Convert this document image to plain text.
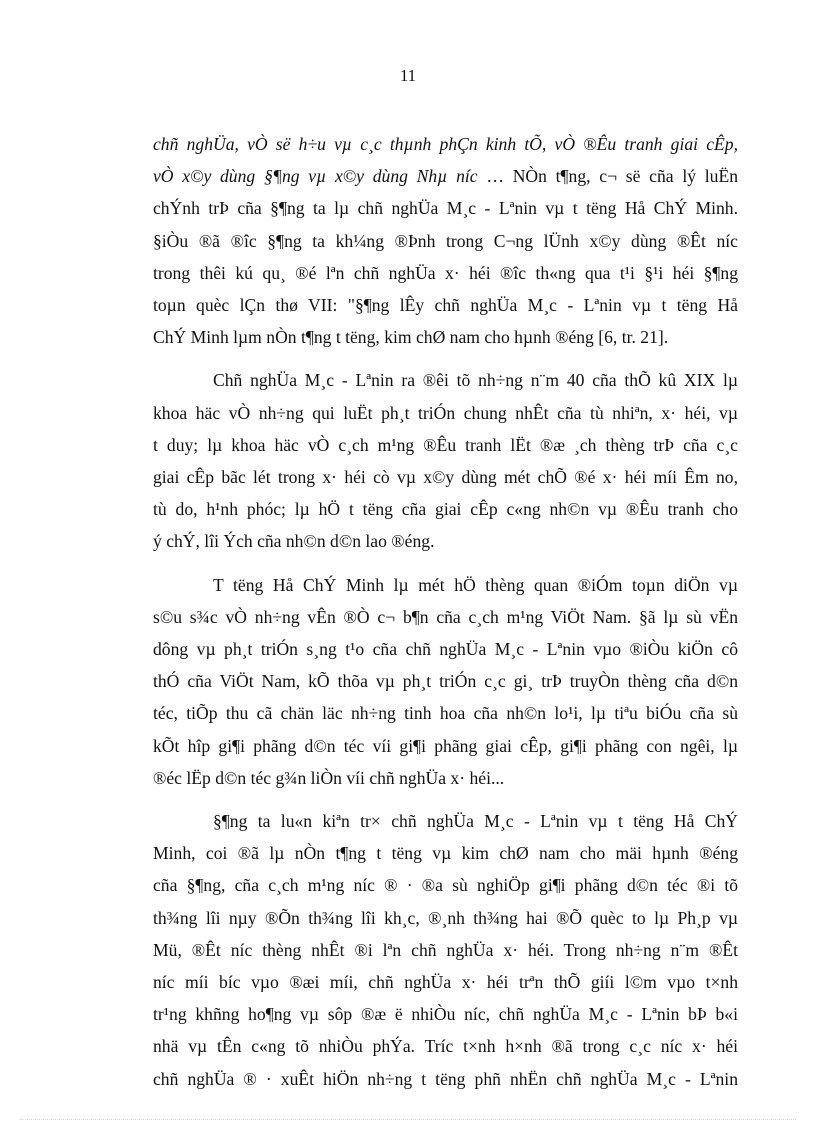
11
chñ nghÜa, vÒ së h÷u vµ c¸c thµnh phÇn kinh tÕ, vÒ ®Êu tranh giai cÊp,
vÒ x©y dùng §¶ng vµ x©y dùng Nhµ níc … NÒn t¶ng, c¬ së cña lý luËn
chÝnh trÞ cña §¶ng ta lµ chñ nghÜa M¸c - Lªnin vµ t tëng Hå ChÝ Minh.
§iÒu ®ã ®îc §¶ng ta kh¼ng ®Þnh trong C¬ng lÜnh x©y dùng ®Êt níc
trong thêi kú qu¸ ®é lªn chñ nghÜa x· héi ®îc th«ng qua t¹i §¹i héi §¶ng
toµn quèc lÇn thø VII: "§¶ng lÊy chñ nghÜa M¸c - Lªnin vµ t tëng Hå
ChÝ Minh lµm nÒn t¶ng t tëng, kim chØ nam cho hµnh ®éng [6, tr. 21].
Chñ nghÜa M¸c - Lªnin ra ®êi tõ nh÷ng n¨m 40 cña thÕ kû XIX lµ
khoa häc vÒ nh÷ng qui luËt ph¸t triÓn chung nhÊt cña tù nhiªn, x· héi, vµ
t duy; lµ khoa häc vÒ c¸ch m¹ng ®Êu tranh lËt ®æ ¸ch thèng trÞ cña c¸c
giai cÊp bãc lét trong x· héi cò vµ x©y dùng mét chÕ ®é x· héi míi Êm no,
tù do, h¹nh phóc; lµ hÖ t tëng cña giai cÊp c«ng nh©n vµ ®Êu tranh cho
ý chÝ, lîi Ých cña nh©n d©n lao ®éng.
T tëng Hå ChÝ Minh lµ mét hÖ thèng quan ®iÓm toµn diÖn vµ
s©u s¾c vÒ nh÷ng vÊn ®Ò c¬ b¶n cña c¸ch m¹ng ViÖt Nam. §ã lµ sù vËn
dông vµ ph¸t triÓn s¸ng t¹o cña chñ nghÜa M¸c - Lªnin vµo ®iÒu kiÖn cô
thÓ cña ViÖt Nam, kÕ thõa vµ ph¸t triÓn c¸c gi¸ trÞ truyÒn thèng cña d©n
téc, tiÕp thu cã chän läc nh÷ng tinh hoa cña nh©n lo¹i, lµ tiªu biÓu cña sù
kÕt hîp gi¶i phãng d©n téc víi gi¶i phãng giai cÊp, gi¶i phãng con ngêi, lµ
®éc lËp d©n téc g¾n liÒn víi chñ nghÜa x· héi...
§¶ng ta lu«n kiªn tr× chñ nghÜa M¸c - Lªnin vµ t tëng Hå ChÝ
Minh, coi ®ã lµ nÒn t¶ng t tëng vµ kim chØ nam cho mäi hµnh ®éng
cña §¶ng, cña c¸ch m¹ng níc ® · ®a sù nghiÖp gi¶i phãng d©n téc ®i tõ
th¾ng lîi nµy ®Õn th¾ng lîi kh¸c, ®¸nh th¾ng hai ®Õ quèc to lµ Ph¸p vµ
Mü, ®Êt níc thèng nhÊt ®i lªn chñ nghÜa x· héi. Trong nh÷ng n¨m ®Êt
níc míi bíc vµo ®æi míi, chñ nghÜa x· héi trªn thÕ giíi l©m vµo t×nh
tr¹ng khñng ho¶ng vµ sôp ®æ ë nhiÒu níc, chñ nghÜa M¸c - Lªnin bÞ b«i
nhä vµ tÊn c«ng tõ nhiÒu phÝa. Tríc t×nh h×nh ®ã trong c¸c níc x· héi
chñ nghÜa ® · xuÊt hiÖn nh÷ng t tëng phñ nhËn chñ nghÜa M¸c - Lªnin
